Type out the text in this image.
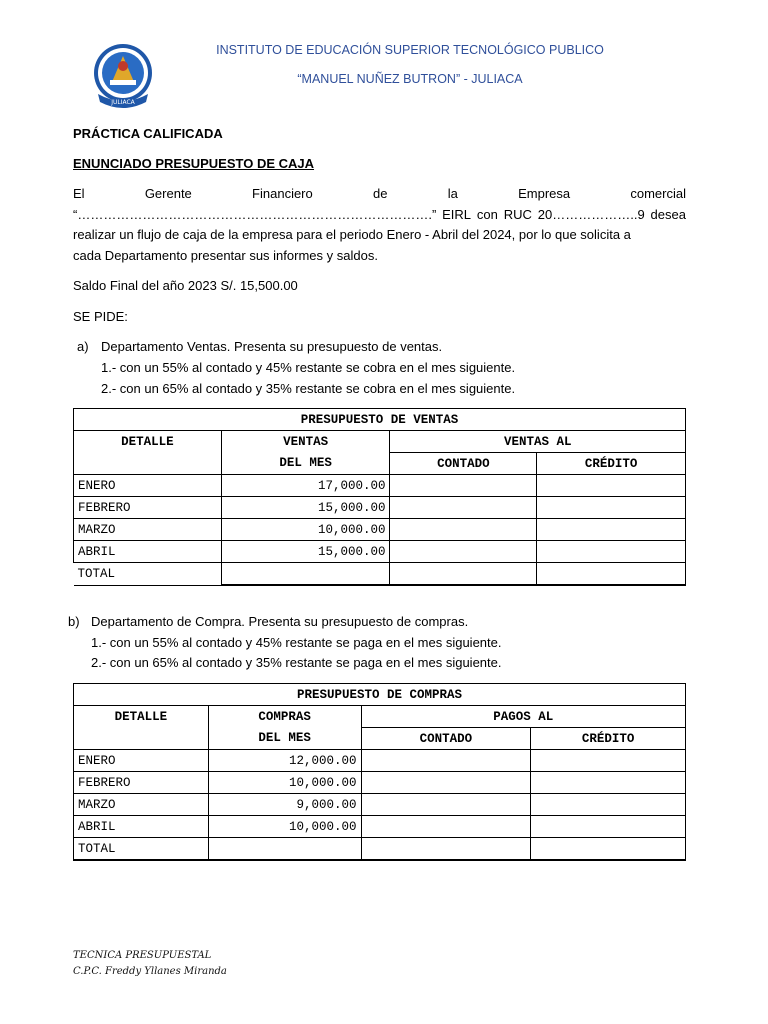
JULIACA
INSTITUTO DE EDUCACIÓN SUPERIOR TECNOLÓGICO PUBLICO
“MANUEL NUÑEZ BUTRON” - JULIACA
PRÁCTICA CALIFICADA
ENUNCIADO PRESUPUESTO DE CAJA
El	Gerente	Financiero	de	la	Empresa	comercial
“……………………………………………………………………….” EIRL con RUC 20………………..9 desea
realizar un flujo de caja de la empresa para el periodo Enero - Abril del 2024, por lo que solicita a
cada Departamento presentar sus informes y saldos.
Saldo Final del año 2023 S/. 15,500.00
SE PIDE:
a) Departamento Ventas. Presenta su presupuesto de ventas.
1.- con un 55% al contado y 45% restante se cobra en el mes siguiente.
2.- con un 65% al contado y 35% restante se cobra en el mes siguiente.
PRESUPUESTO DE VENTAS			
DETALLE	VENTAS	VENTAS AL	
	DEL MES	CONTADO	CRÉDITO
ENERO	17,000.00		
FEBRERO	15,000.00		
MARZO	10,000.00		
ABRIL	15,000.00		
TOTAL			
b) Departamento de Compra. Presenta su presupuesto de compras.
1.- con un 55% al contado y 45% restante se paga en el mes siguiente.
2.- con un 65% al contado y 35% restante se paga en el mes siguiente.
PRESUPUESTO DE COMPRAS			
DETALLE	COMPRAS	PAGOS AL	
	DEL MES	CONTADO	CRÉDITO
ENERO	12,000.00		
FEBRERO	10,000.00		
MARZO	9,000.00		
ABRIL	10,000.00		
TOTAL			
TECNICA PRESUPUESTAL
C.P.C. Freddy Yllanes Miranda
